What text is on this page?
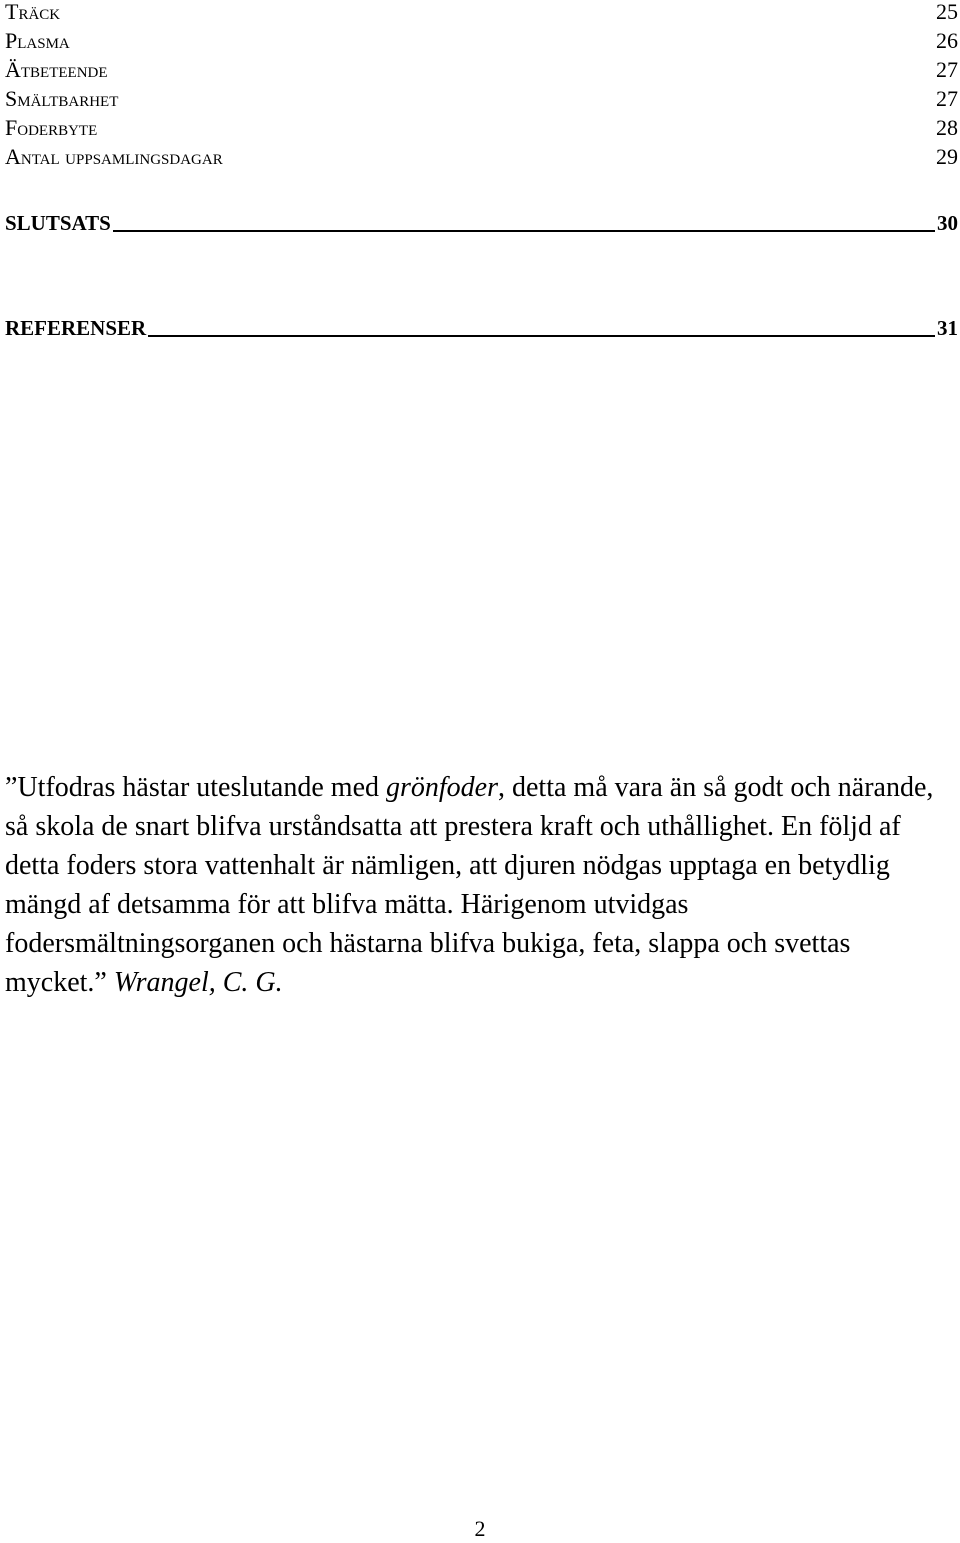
Träck	25
Plasma	26
Ätbeteende	27
Smältbarhet	27
Foderbyte	28
Antal uppsamlingsdagar	29
SLUTSATS	30
REFERENSER	31

”Utfodras hästar uteslutande med grönfoder, detta må vara än så godt och närande, så skola de snart blifva urståndsatta att prestera kraft och uthållighet. En följd af detta foders stora vattenhalt är nämligen, att djuren nödgas upptaga en betydlig mängd af detsamma för att blifva mätta. Härigenom utvidgas fodersmältningsorganen och hästarna blifva bukiga, feta, slappa och svettas mycket.” Wrangel, C. G.

2
